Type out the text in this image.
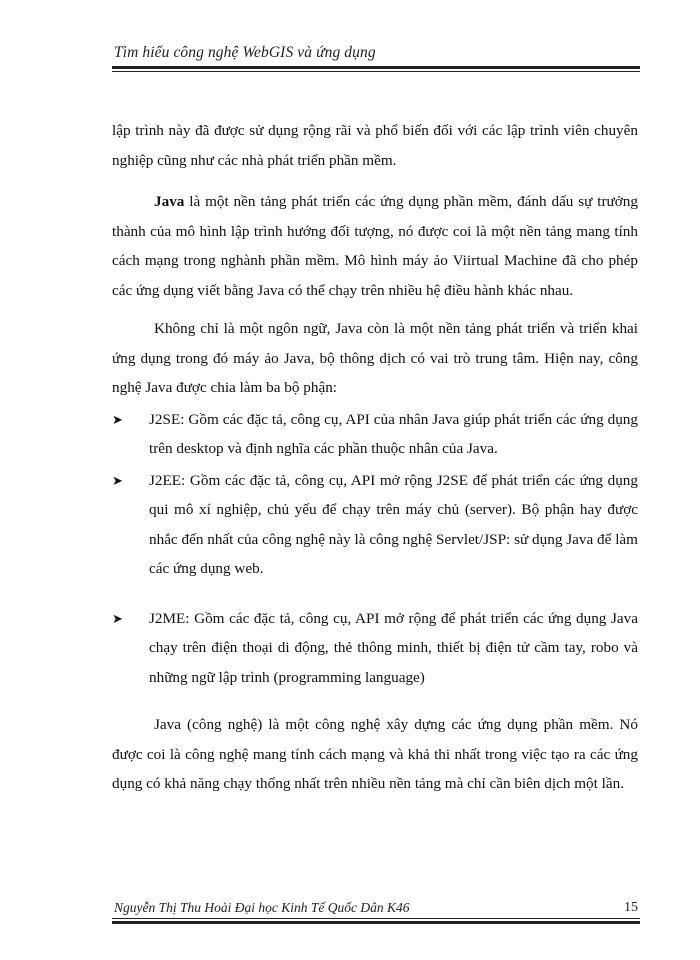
Tìm hiểu công nghệ WebGIS và ứng dụng

lập trình này đã được sử dụng rộng rãi và phổ biến đối với các lập trình viên chuyên nghiệp cũng như các nhà phát triển phần mềm.

Java là một nền tảng phát triển các ứng dụng phần mềm, đánh dấu sự trưởng thành của mô hình lập trình hướng đối tượng, nó được coi là một nền tảng mang tính cách mạng trong nghành phần mềm. Mô hình máy ảo Viirtual Machine đã cho phép các ứng dụng viết bằng Java có thể chạy trên nhiều hệ điều hành khác nhau.

Không chỉ là một ngôn ngữ, Java còn là một nền tảng phát triển và triển khai ứng dụng trong đó máy ảo Java, bộ thông dịch có vai trò trung tâm. Hiện nay, công nghệ Java được chia làm ba bộ phận:

➤ J2SE: Gồm các đặc tả, công cụ, API của nhân Java giúp phát triển các ứng dụng trên desktop và định nghĩa các phần thuộc nhân của Java.
➤ J2EE: Gồm các đặc tả, công cụ, API mở rộng J2SE để phát triển các ứng dụng qui mô xí nghiệp, chủ yếu để chạy trên máy chủ (server). Bộ phận hay được nhắc đến nhất của công nghệ này là công nghệ Servlet/JSP: sử dụng Java để làm các ứng dụng web.
➤ J2ME: Gồm các đặc tả, công cụ, API mở rộng để phát triển các ứng dụng Java chạy trên điện thoại di động, thẻ thông minh, thiết bị điện tử cầm tay, robo và những ngữ lập trình (programming language)

Java (công nghệ) là một công nghệ xây dựng các ứng dụng phần mềm. Nó được coi là công nghệ mang tính cách mạng và khả thi nhất trong việc tạo ra các ứng dụng có khả năng chạy thống nhất trên nhiều nền tảng mà chỉ cần biên dịch một lần.

Nguyễn Thị Thu Hoài Đại học Kinh Tế Quốc Dân K46	15
